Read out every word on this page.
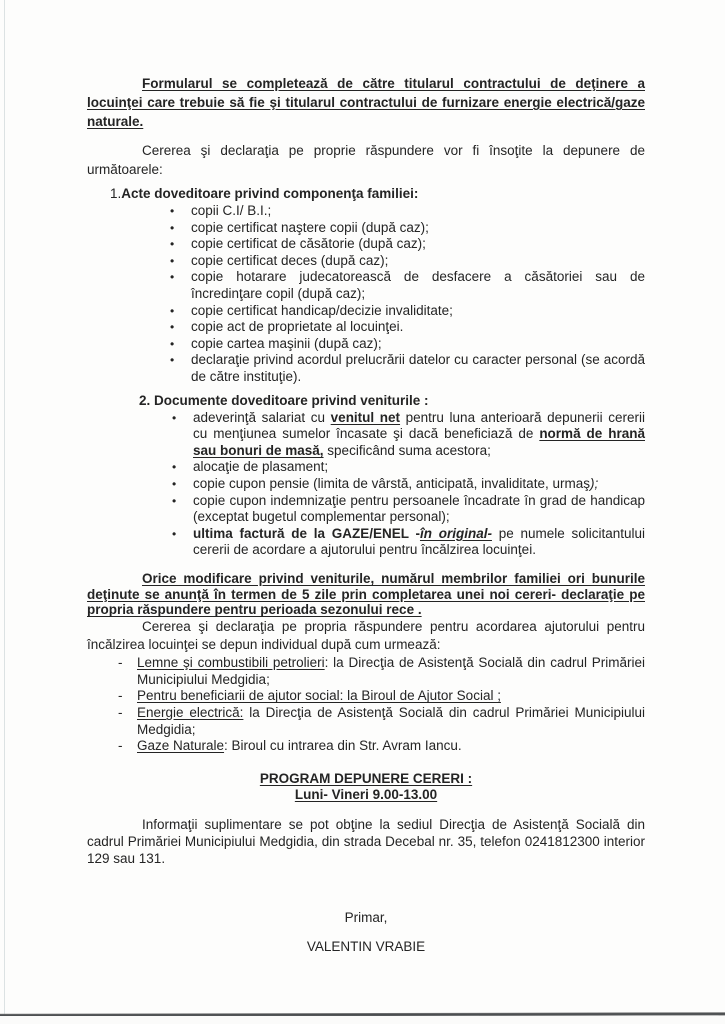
Formularul se completează de către titularul contractului de deţinere a locuinţei care trebuie să fie şi titularul contractului de furnizare energie electrică/gaze naturale.
Cererea şi declaraţia pe proprie răspundere vor fi însoţite la depunere de următoarele:
1.Acte doveditoare privind componenţa familiei:
•	copii C.I/ B.I.;
•	copie certificat naştere copii (după caz);
•	copie certificat de căsătorie (după caz);
•	copie certificat deces (după caz);
•	copie hotarare judecatorească de desfacere a căsătoriei sau de încredinţare copil (după caz);
•	copie certificat handicap/decizie invaliditate;
•	copie act de proprietate al locuinţei.
•	copie cartea maşinii (după caz);
•	declaraţie privind acordul prelucrării datelor cu caracter personal (se acordă de către instituţie).
2. Documente doveditoare privind veniturile :
•	adeverinţă salariat cu venitul net pentru luna anterioară depunerii cererii cu menţiunea sumelor încasate şi dacă beneficiază de normă de hrană sau bonuri de masă, specificând suma acestora;
•	alocaţie de plasament;
•	copie cupon pensie (limita de vârstă, anticipată, invaliditate, urmaş);
•	copie cupon indemnizaţie pentru persoanele încadrate în grad de handicap (exceptat bugetul complementar personal);
•	ultima factură de la GAZE/ENEL -în original- pe numele solicitantului cererii de acordare a ajutorului pentru încălzirea locuinţei.
Orice modificare privind veniturile, numărul membrilor familiei ori bunurile deţinute se anunţă în termen de 5 zile prin completarea unei noi cereri- declaraţie pe propria răspundere pentru perioada sezonului rece .
Cererea şi declaraţia pe propria răspundere pentru acordarea ajutorului pentru încălzirea locuinţei se depun individual după cum urmează:
-	Lemne şi combustibili petrolieri: la Direcţia de Asistenţă Socială din cadrul Primăriei Municipiului Medgidia;
-	Pentru beneficiarii de ajutor social: la Biroul de Ajutor Social ;
-	Energie electrică: la Direcţia de Asistenţă Socială din cadrul Primăriei Municipiului Medgidia;
-	Gaze Naturale: Biroul cu intrarea din Str. Avram Iancu.
PROGRAM DEPUNERE CERERI :
Luni- Vineri 9.00-13.00
Informaţii suplimentare se pot obţine la sediul Direcţia de Asistenţă Socială din cadrul Primăriei Municipiului Medgidia, din strada Decebal nr. 35, telefon 0241812300 interior 129 sau 131.
Primar,
VALENTIN VRABIE
